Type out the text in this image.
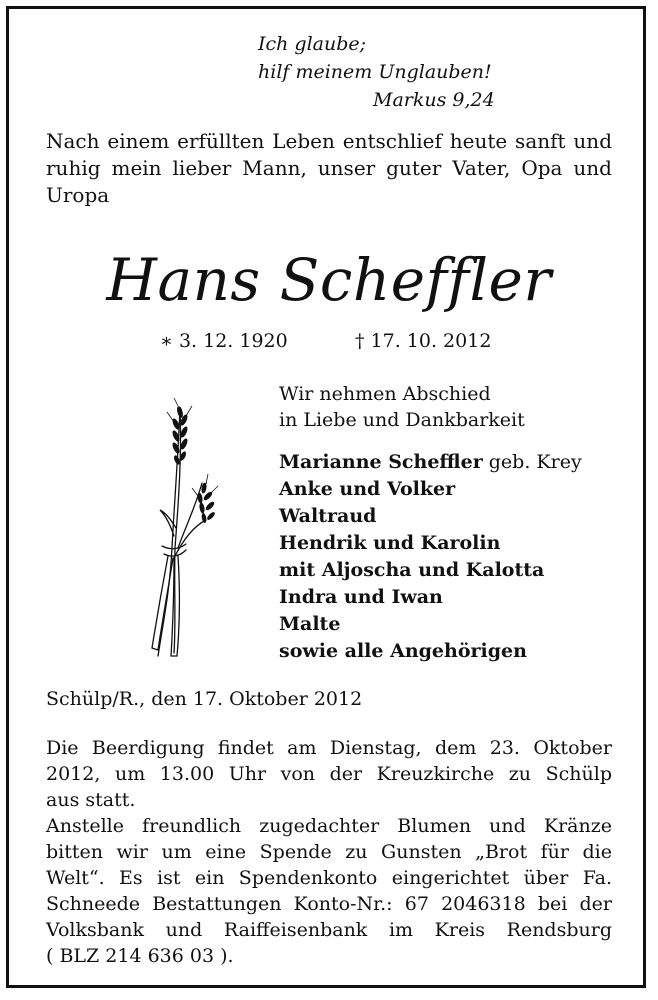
Ich glaube;
hilf meinem Unglauben!
Markus 9,24
Nach einem erfüllten Leben entschlief heute sanft und ruhig mein lieber Mann, unser guter Vater, Opa und Uropa
Hans Scheffler
∗ 3. 12. 1920	† 17. 10. 2012
Wir nehmen Abschied
in Liebe und Dankbarkeit
Marianne Scheffler geb. Krey
Anke und Volker
Waltraud
Hendrik und Karolin
mit Aljoscha und Kalotta
Indra und Iwan
Malte
sowie alle Angehörigen
Schülp/R., den 17. Oktober 2012
Die Beerdigung findet am Dienstag, dem 23. Oktober
2012, um 13.00 Uhr von der Kreuzkirche zu Schülp
aus statt.
Anstelle freundlich zugedachter Blumen und Kränze
bitten wir um eine Spende zu Gunsten „Brot für die
Welt“. Es ist ein Spendenkonto eingerichtet über Fa.
Schneede Bestattungen Konto-Nr.: 67 2046318 bei der
Volksbank und Raiffeisenbank im Kreis Rendsburg
( BLZ 214 636 03 ).
